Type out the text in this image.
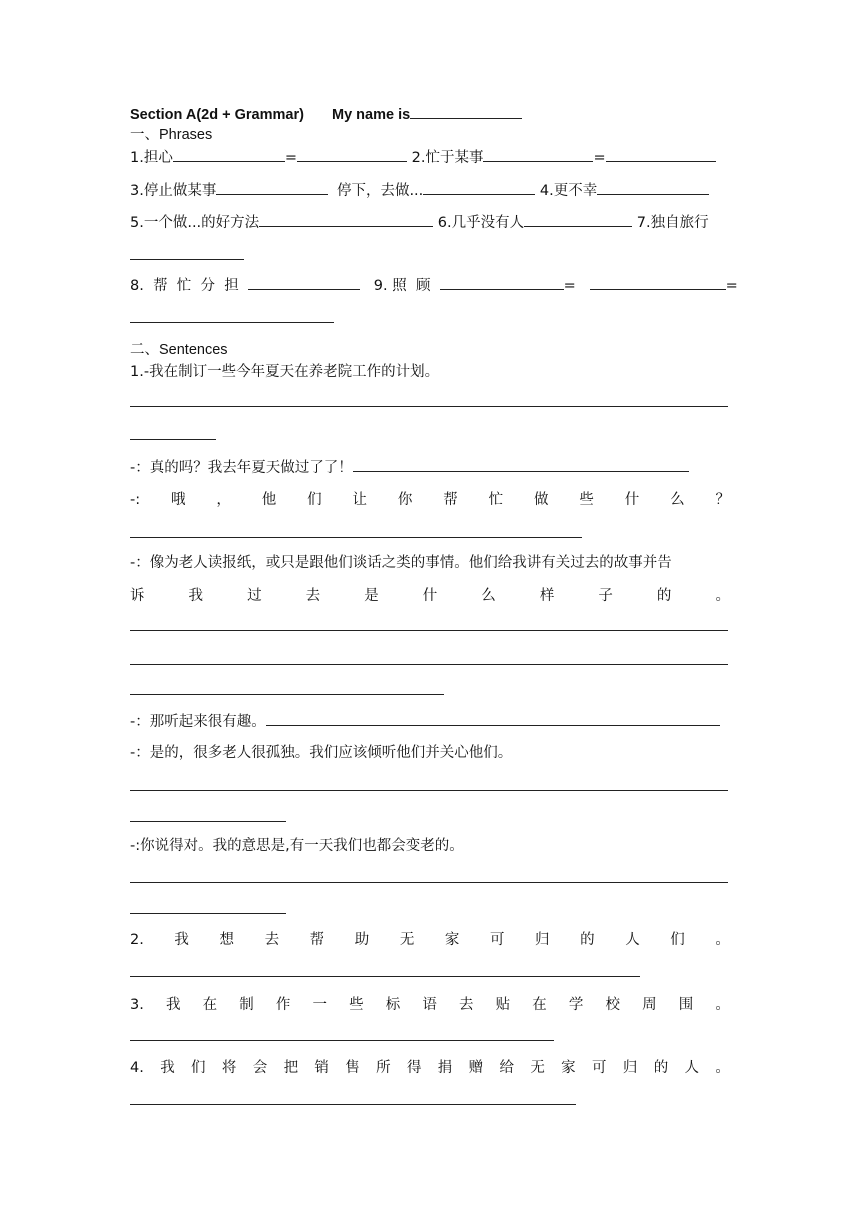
Section A(2d + Grammar) My name is
一、Phrases
1.担心	=	2.忙于某事	=
3.停止做某事	停下，去做...	4.更不幸
5.一个做...的好方法	6.几乎没有人	7.独自旅行
8. 帮 忙 分 担	9. 照 顾	=	=
二、Sentences
1.-我在制订一些今年夏天在养老院工作的计划。
-：真的吗？我去年夏天做过了了！
-: 哦 ， 他 们 让 你 帮 忙 做 些 什 么 ？
-：像为老人读报纸，或只是跟他们谈话之类的事情。他们给我讲有关过去的故事并告
诉	我	过	去	是	什	么	样	子	的	。
-：那听起来很有趣。
-：是的，很多老人很孤独。我们应该倾听他们并关心他们。
-:你说得对。我的意思是,有一天我们也都会变老的。
2. 我 想 去 帮 助 无 家 可 归 的 人 们 。
3. 我 在 制 作 一 些 标 语 去 贴 在 学 校 周 围 。
4. 我 们 将 会 把 销 售 所 得 捐 赠 给 无 家 可 归 的 人 。
